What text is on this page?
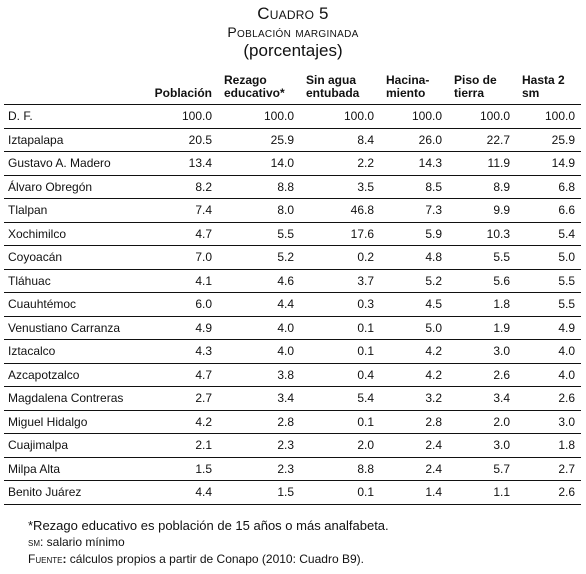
Cuadro 5
Población marginada
(porcentajes)
	Población	Rezago educativo*	Sin agua entubada	Hacina- miento	Piso de tierra	Hasta 2 sm
D. F.	100.0	100.0	100.0	100.0	100.0	100.0
Iztapalapa	20.5	25.9	8.4	26.0	22.7	25.9
Gustavo A. Madero	13.4	14.0	2.2	14.3	11.9	14.9
Álvaro Obregón	8.2	8.8	3.5	8.5	8.9	6.8
Tlalpan	7.4	8.0	46.8	7.3	9.9	6.6
Xochimilco	4.7	5.5	17.6	5.9	10.3	5.4
Coyoacán	7.0	5.2	0.2	4.8	5.5	5.0
Tláhuac	4.1	4.6	3.7	5.2	5.6	5.5
Cuauhtémoc	6.0	4.4	0.3	4.5	1.8	5.5
Venustiano Carranza	4.9	4.0	0.1	5.0	1.9	4.9
Iztacalco	4.3	4.0	0.1	4.2	3.0	4.0
Azcapotzalco	4.7	3.8	0.4	4.2	2.6	4.0
Magdalena Contreras	2.7	3.4	5.4	3.2	3.4	2.6
Miguel Hidalgo	4.2	2.8	0.1	2.8	2.0	3.0
Cuajimalpa	2.1	2.3	2.0	2.4	3.0	1.8
Milpa Alta	1.5	2.3	8.8	2.4	5.7	2.7
Benito Juárez	4.4	1.5	0.1	1.4	1.1	2.6
*Rezago educativo es población de 15 años o más analfabeta.
sm: salario mínimo
Fuente: cálculos propios a partir de Conapo (2010: Cuadro B9).
